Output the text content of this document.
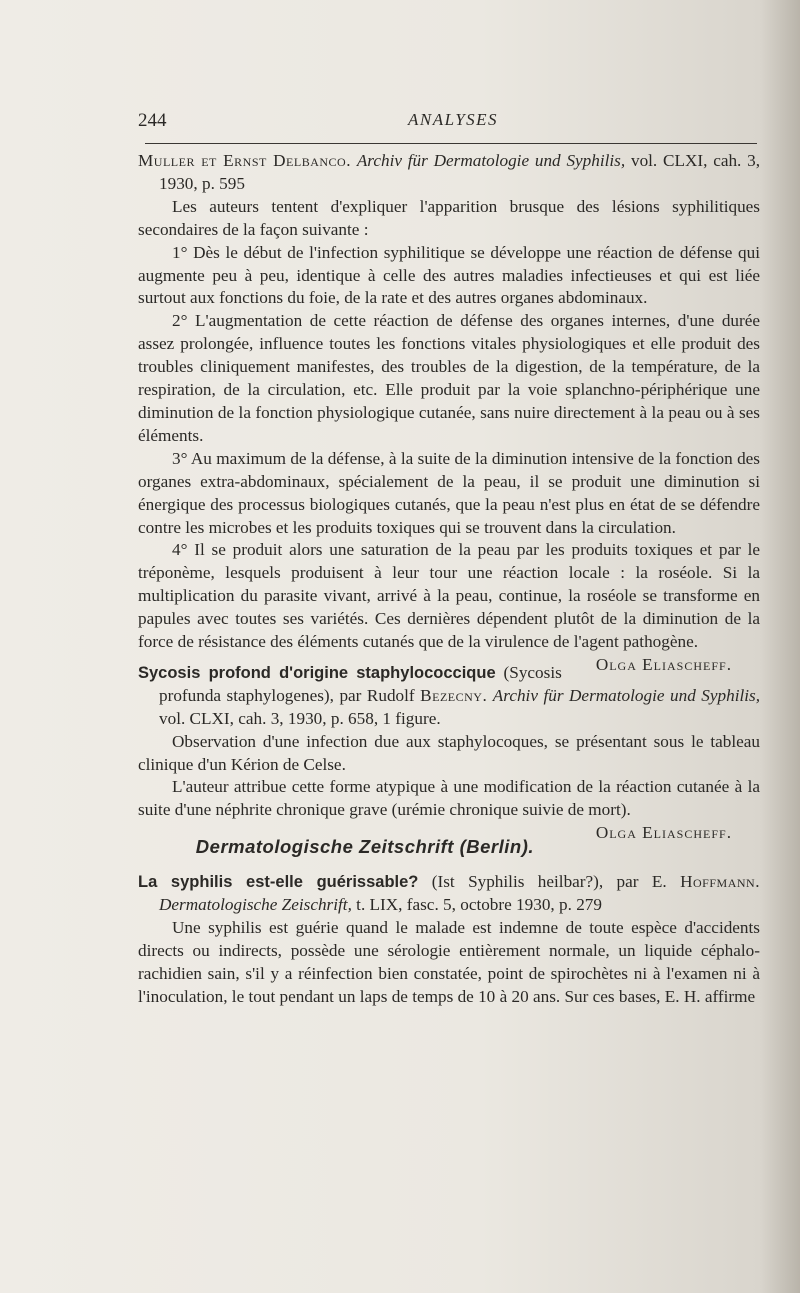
244	ANALYSES

Muller et Ernst Delbanco. Archiv für Dermatologie und Syphilis, vol. CLXI, cah. 3, 1930, p. 595

Les auteurs tentent d'expliquer l'apparition brusque des lésions syphilitiques secondaires de la façon suivante :

1° Dès le début de l'infection syphilitique se développe une réaction de défense qui augmente peu à peu, identique à celle des autres maladies infectieuses et qui est liée surtout aux fonctions du foie, de la rate et des autres organes abdominaux.

2° L'augmentation de cette réaction de défense des organes internes, d'une durée assez prolongée, influence toutes les fonctions vitales physiologiques et elle produit des troubles cliniquement manifestes, des troubles de la digestion, de la température, de la respiration, de la circulation, etc. Elle produit par la voie splanchno-périphérique une diminution de la fonction physiologique cutanée, sans nuire directement à la peau ou à ses éléments.

3° Au maximum de la défense, à la suite de la diminution intensive de la fonction des organes extra-abdominaux, spécialement de la peau, il se produit une diminution si énergique des processus biologiques cutanés, que la peau n'est plus en état de se défendre contre les microbes et les produits toxiques qui se trouvent dans la circulation.

4° Il se produit alors une saturation de la peau par les produits toxiques et par le tréponème, lesquels produisent à leur tour une réaction locale : la roséole. Si la multiplication du parasite vivant, arrivé à la peau, continue, la roséole se transforme en papules avec toutes ses variétés. Ces dernières dépendent plutôt de la diminution de la force de résistance des éléments cutanés que de la virulence de l'agent pathogène.
Olga Eliascheff.

Sycosis profond d'origine staphylococcique (Sycosis profunda staphylogenes), par Rudolf Bezecny. Archiv für Dermatologie und Syphilis, vol. CLXI, cah. 3, 1930, p. 658, 1 figure.

Observation d'une infection due aux staphylocoques, se présentant sous le tableau clinique d'un Kérion de Celse.

L'auteur attribue cette forme atypique à une modification de la réaction cutanée à la suite d'une néphrite chronique grave (urémie chronique suivie de mort).
Olga Eliascheff.

Dermatologische Zeitschrift (Berlin).

La syphilis est-elle guérissable? (Ist Syphilis heilbar?), par E. Hoffmann. Dermatologische Zeischrift, t. LIX, fasc. 5, octobre 1930, p. 279

Une syphilis est guérie quand le malade est indemne de toute espèce d'accidents directs ou indirects, possède une sérologie entièrement normale, un liquide céphalo-rachidien sain, s'il y a réinfection bien constatée, point de spirochètes ni à l'examen ni à l'inoculation, le tout pendant un laps de temps de 10 à 20 ans. Sur ces bases, E. H. affirme
